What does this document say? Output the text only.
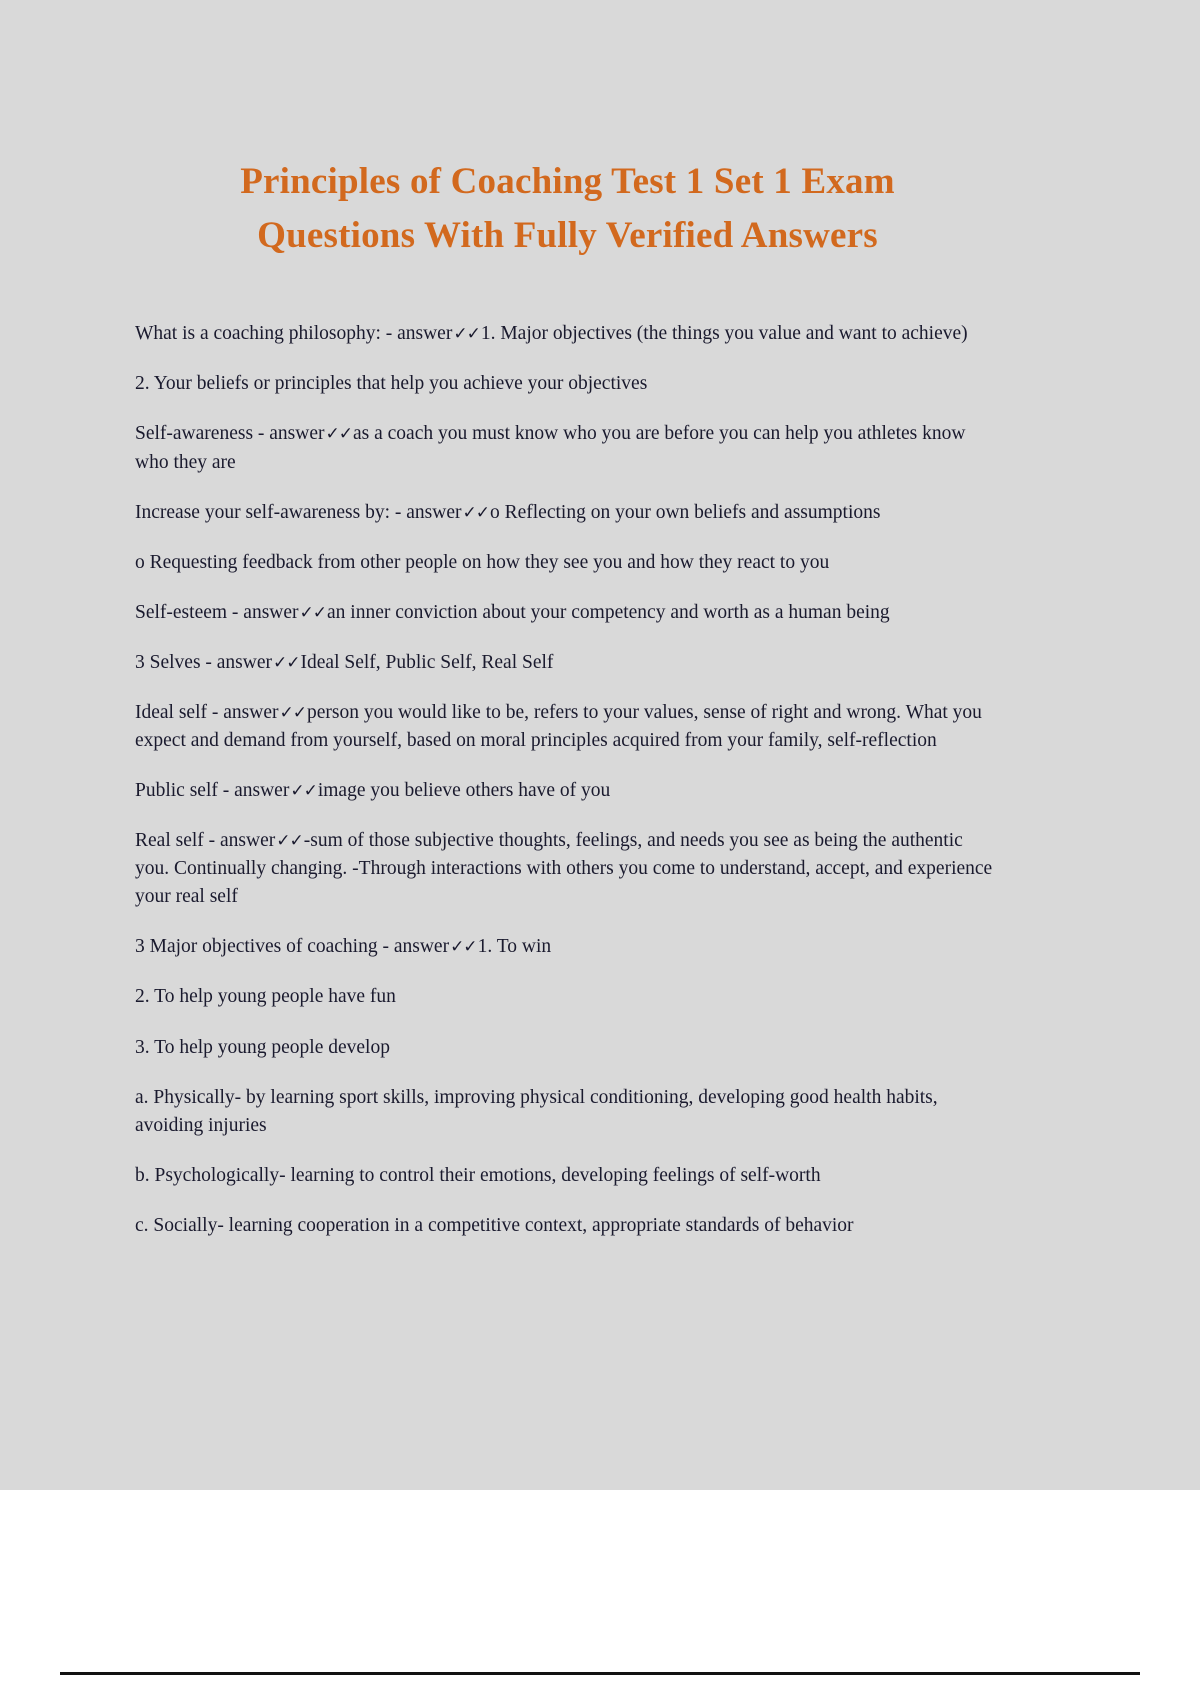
Principles of Coaching Test 1 Set 1 Exam Questions With Fully Verified Answers
What is a coaching philosophy: - answer✓✓1. Major objectives (the things you value and want to achieve)
2. Your beliefs or principles that help you achieve your objectives
Self-awareness - answer✓✓as a coach you must know who you are before you can help you athletes know who they are
Increase your self-awareness by: - answer✓✓o Reflecting on your own beliefs and assumptions
o Requesting feedback from other people on how they see you and how they react to you
Self-esteem - answer✓✓an inner conviction about your competency and worth as a human being
3 Selves - answer✓✓Ideal Self, Public Self, Real Self
Ideal self - answer✓✓person you would like to be, refers to your values, sense of right and wrong. What you expect and demand from yourself, based on moral principles acquired from your family, self-reflection
Public self - answer✓✓image you believe others have of you
Real self - answer✓✓-sum of those subjective thoughts, feelings, and needs you see as being the authentic you. Continually changing. -Through interactions with others you come to understand, accept, and experience your real self
3 Major objectives of coaching - answer✓✓1. To win
2. To help young people have fun
3. To help young people develop
a. Physically- by learning sport skills, improving physical conditioning, developing good health habits, avoiding injuries
b. Psychologically- learning to control their emotions, developing feelings of self-worth
c. Socially- learning cooperation in a competitive context, appropriate standards of behavior
